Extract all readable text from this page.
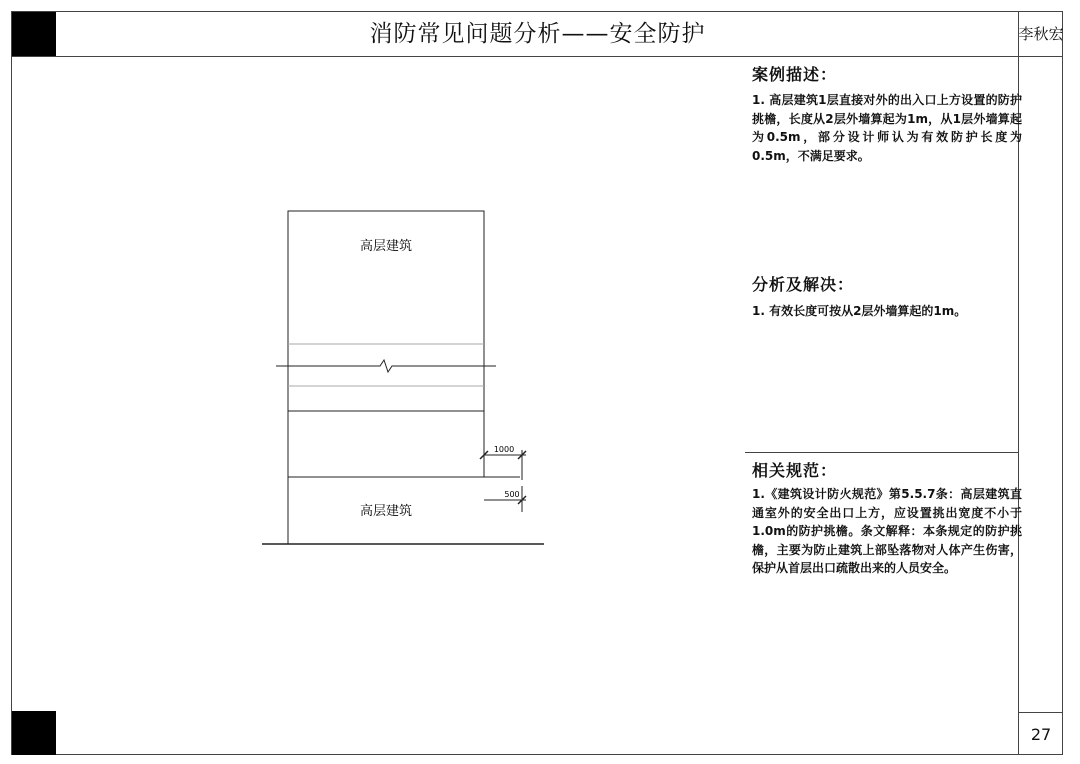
消防常见问题分析——安全防护	李秋宏
27
案例描述：
1. 高层建筑1层直接对外的出入口上方设置的防护挑檐，长度从2层外墙算起为1m，从1层外墙算起为0.5m，部分设计师认为有效防护长度为0.5m，不满足要求。
分析及解决：
1. 有效长度可按从2层外墙算起的1m。
相关规范：
1.《建筑设计防火规范》第5.5.7条：高层建筑直通室外的安全出口上方，应设置挑出宽度不小于1.0m的防护挑檐。条文解释：本条规定的防护挑檐，主要为防止建筑上部坠落物对人体产生伤害，保护从首层出口疏散出来的人员安全。
高层建筑
高层建筑
1000
500
